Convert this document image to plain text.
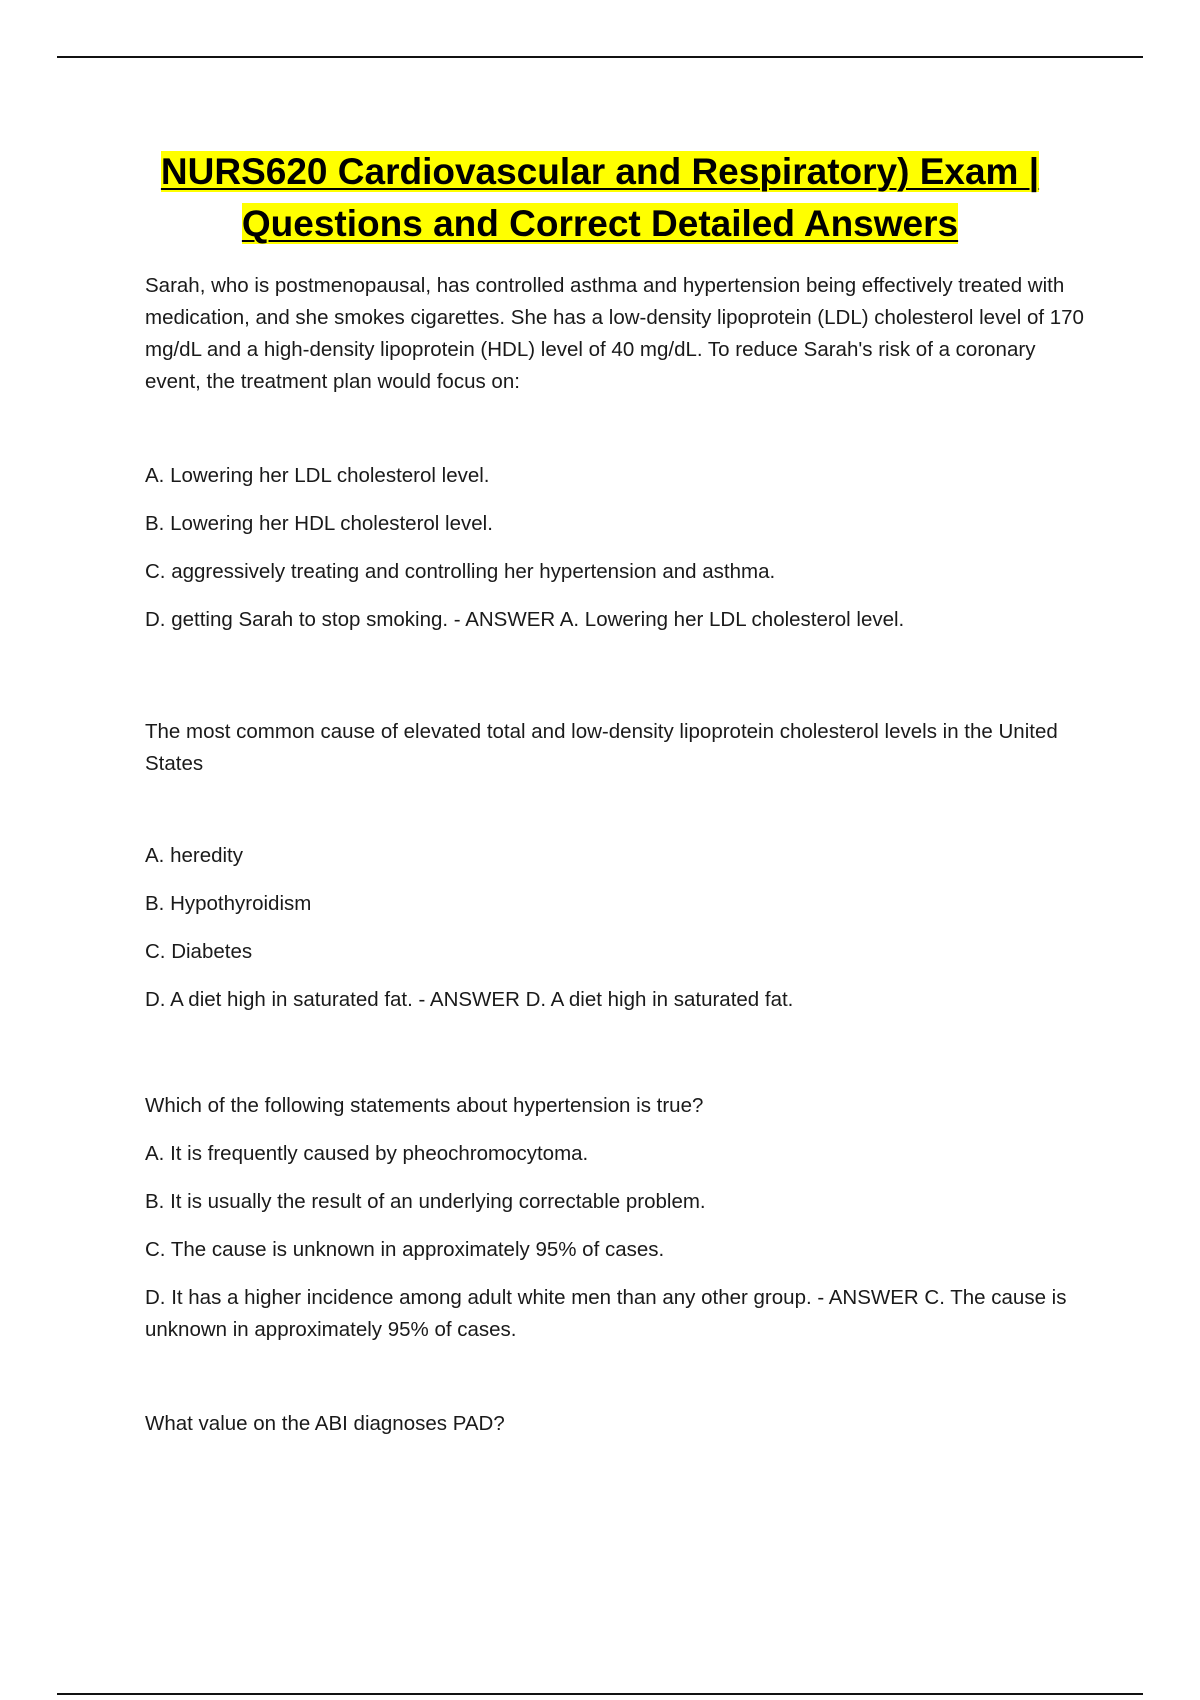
NURS620 Cardiovascular and Respiratory) Exam |
Questions and Correct Detailed Answers

Sarah, who is postmenopausal, has controlled asthma and hypertension being effectively treated with medication, and she smokes cigarettes. She has a low-density lipoprotein (LDL) cholesterol level of 170 mg/dL and a high-density lipoprotein (HDL) level of 40 mg/dL. To reduce Sarah's risk of a coronary event, the treatment plan would focus on:

A. Lowering her LDL cholesterol level.

B. Lowering her HDL cholesterol level.

C. aggressively treating and controlling her hypertension and asthma.

D. getting Sarah to stop smoking. - ANSWER A. Lowering her LDL cholesterol level.

The most common cause of elevated total and low-density lipoprotein cholesterol levels in the United States

A. heredity

B. Hypothyroidism

C. Diabetes

D. A diet high in saturated fat. - ANSWER D. A diet high in saturated fat.

Which of the following statements about hypertension is true?

A. It is frequently caused by pheochromocytoma.

B. It is usually the result of an underlying correctable problem.

C. The cause is unknown in approximately 95% of cases.

D. It has a higher incidence among adult white men than any other group. - ANSWER C. The cause is unknown in approximately 95% of cases.

What value on the ABI diagnoses PAD?
